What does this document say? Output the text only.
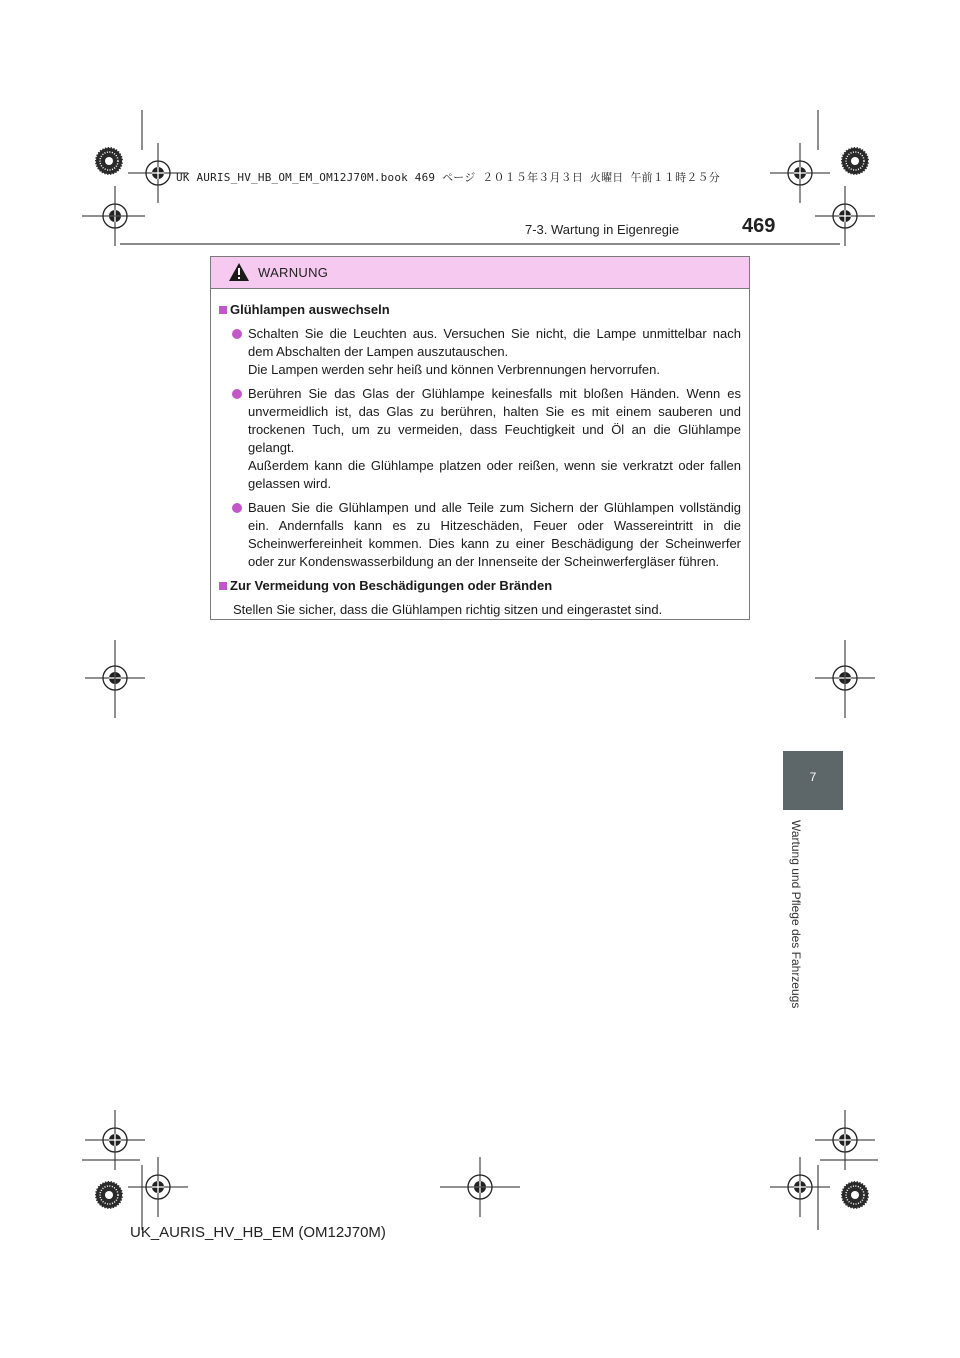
UK AURIS_HV_HB_OM_EM_OM12J70M.book 469 ページ ２０１５年３月３日 火曜日 午前１１時２５分
7-3. Wartung in Eigenregie	469
7
Wartung und Pflege des Fahrzeugs
WARNUNG
Glühlampen auswechseln

Schalten Sie die Leuchten aus. Versuchen Sie nicht, die Lampe unmittelbar nach dem Abschalten der Lampen auszutauschen.

Die Lampen werden sehr heiß und können Verbrennungen hervorrufen.

Berühren Sie das Glas der Glühlampe keinesfalls mit bloßen Händen. Wenn es unvermeidlich ist, das Glas zu berühren, halten Sie es mit einem sauberen und trockenen Tuch, um zu vermeiden, dass Feuchtigkeit und Öl an die Glühlampe gelangt.

Außerdem kann die Glühlampe platzen oder reißen, wenn sie verkratzt oder fallen gelassen wird.

Bauen Sie die Glühlampen und alle Teile zum Sichern der Glühlampen vollständig ein. Andernfalls kann es zu Hitzeschäden, Feuer oder Wassereintritt in die Scheinwerfereinheit kommen. Dies kann zu einer Beschädigung der Scheinwerfer oder zur Kondenswasserbildung an der Innenseite der Scheinwerfergläser führen.

Zur Vermeidung von Beschädigungen oder Bränden
Stellen Sie sicher, dass die Glühlampen richtig sitzen und eingerastet sind.
UK_AURIS_HV_HB_EM (OM12J70M)
